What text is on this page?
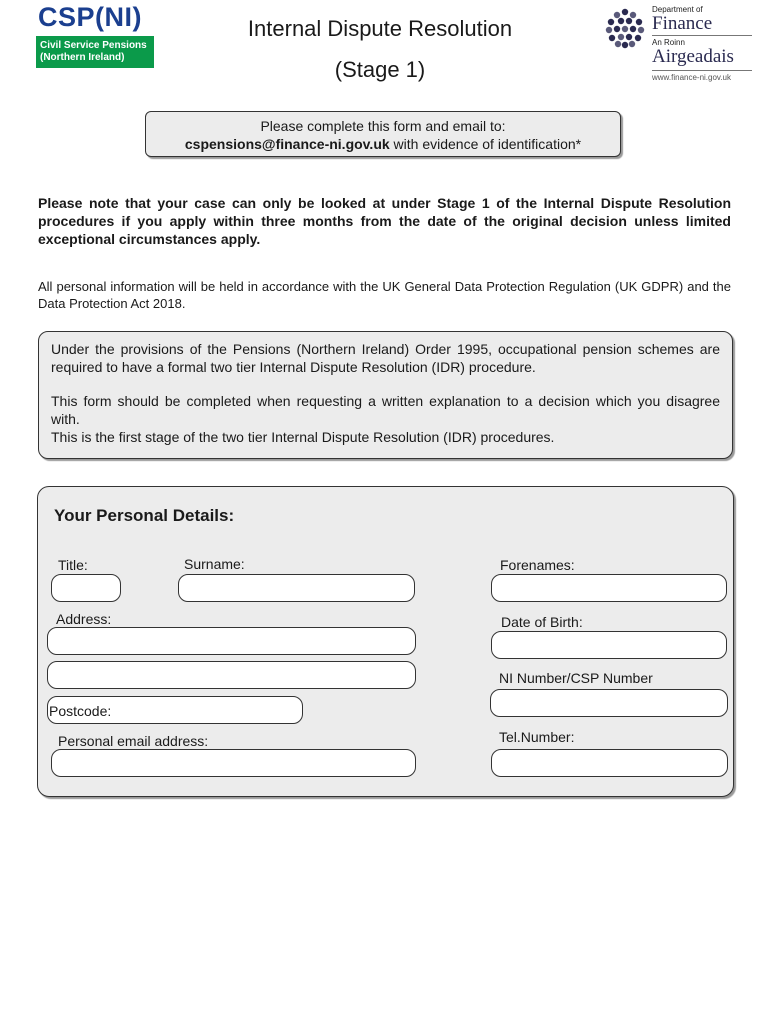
CSP(NI)
Civil Service Pensions
(Northern Ireland)
Internal Dispute Resolution
(Stage 1)
Department of
Finance
An Roinn
Airgeadais
www.finance-ni.gov.uk
Please complete this form and email to:
cspensions@finance-ni.gov.uk with evidence of identification*
Please note that your case can only be looked at under Stage 1 of the Internal Dispute Resolution procedures if you apply within three months from the date of the original decision unless limited exceptional circumstances apply.
All personal information will be held in accordance with the UK General Data Protection Regulation (UK GDPR) and the Data Protection Act 2018.

Under the provisions of the Pensions (Northern Ireland) Order 1995, occupational pension schemes are required to have a formal two tier Internal Dispute Resolution (IDR) procedure.

This form should be completed when requesting a written explanation to a decision which you disagree with.

This is the first stage of the two tier Internal Dispute Resolution (IDR) procedures.

Your Personal Details:
Title:	Surname:	Forenames:
Address:	Date of Birth:
NI Number/CSP Number
Postcode:
Personal email address:	Tel.Number:
